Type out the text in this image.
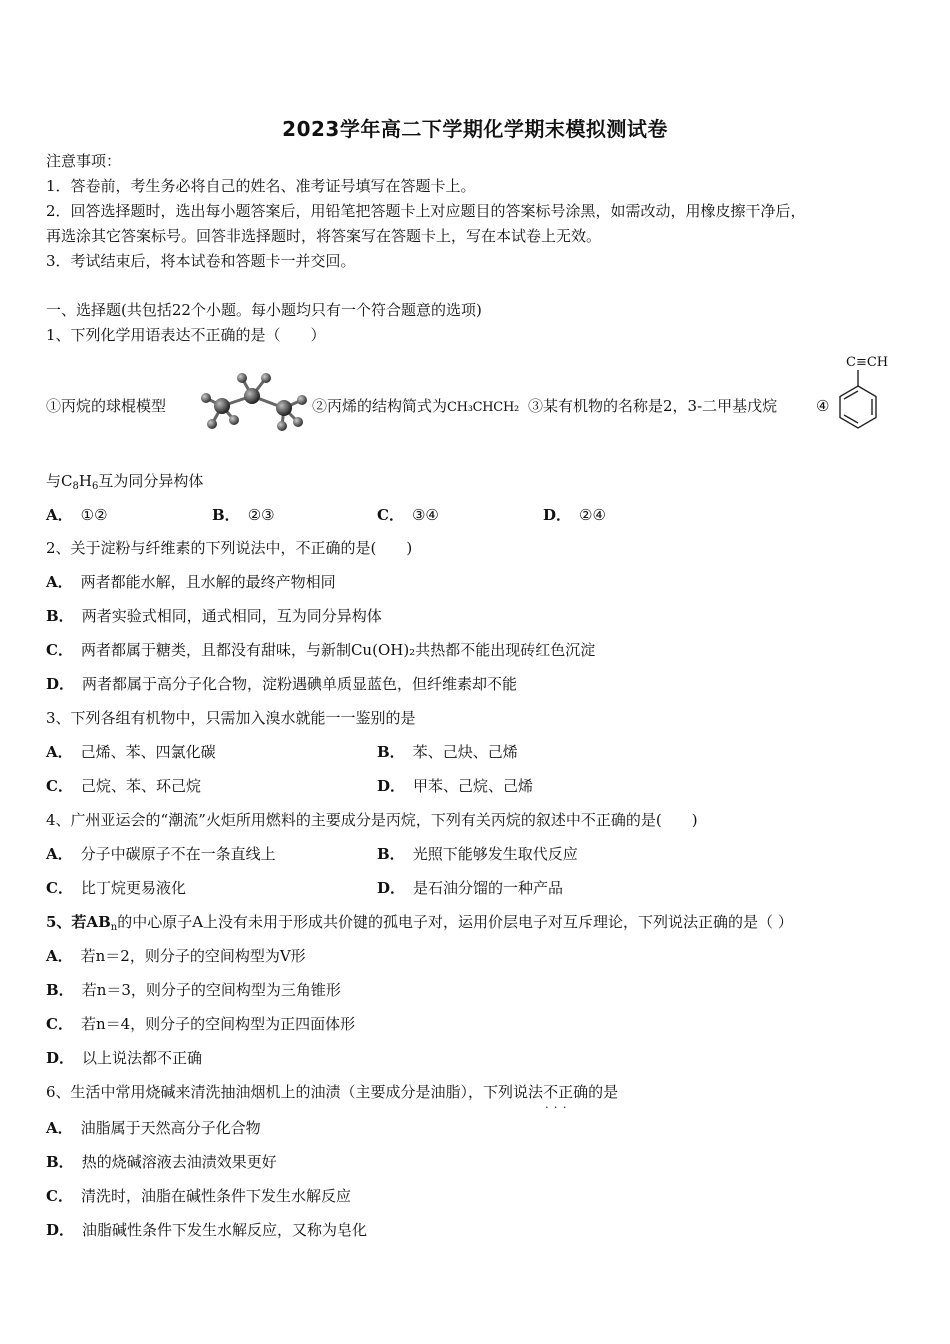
2023学年高二下学期化学期末模拟测试卷
注意事项：
1．答卷前，考生务必将自己的姓名、准考证号填写在答题卡上。
2．回答选择题时，选出每小题答案后，用铅笔把答题卡上对应题目的答案标号涂黑，如需改动，用橡皮擦干净后，
再选涂其它答案标号。回答非选择题时，将答案写在答题卡上，写在本试卷上无效。
3．考试结束后，将本试卷和答题卡一并交回。
一、选择题(共包括22个小题。每小题均只有一个符合题意的选项)
1、下列化学用语表达不正确的是（　　）
①丙烷的球棍模型	②丙烯的结构简式为CH₃CHCH₂ ③某有机物的名称是2，3-二甲基戊烷	④
C≡CH
与$C_8H_6$互为同分异构体
A． ①②	B． ②③	C． ③④	D． ②④
2、关于淀粉与纤维素的下列说法中，不正确的是(　　)
A． 两者都能水解，且水解的最终产物相同
B． 两者实验式相同，通式相同，互为同分异构体
C． 两者都属于糖类，且都没有甜味，与新制Cu(OH)₂共热都不能出现砖红色沉淀
D． 两者都属于高分子化合物，淀粉遇碘单质显蓝色，但纤维素却不能
3、下列各组有机物中，只需加入溴水就能一一鉴别的是
A． 己烯、苯、四氯化碳	B． 苯、己炔、己烯
C． 己烷、苯、环己烷	D． 甲苯、己烷、己烯
4、广州亚运会的“潮流”火炬所用燃料的主要成分是丙烷，下列有关丙烷的叙述中不正确的是(　　)
A． 分子中碳原子不在一条直线上	B． 光照下能够发生取代反应
C． 比丁烷更易液化	D． 是石油分馏的一种产品
5、若$AB_n$的中心原子A上没有未用于形成共价键的孤电子对，运用价层电子对互斥理论，下列说法正确的是（ ）
A． 若n＝2，则分子的空间构型为V形
B． 若n＝3，则分子的空间构型为三角锥形
C． 若n＝4，则分子的空间构型为正四面体形
D． 以上说法都不正确
6、生活中常用烧碱来清洗抽油烟机上的油渍（主要成分是油脂），下列说法不正确 · · ·的是
A． 油脂属于天然高分子化合物
B． 热的烧碱溶液去油渍效果更好
C． 清洗时，油脂在碱性条件下发生水解反应
D． 油脂碱性条件下发生水解反应，又称为皂化
